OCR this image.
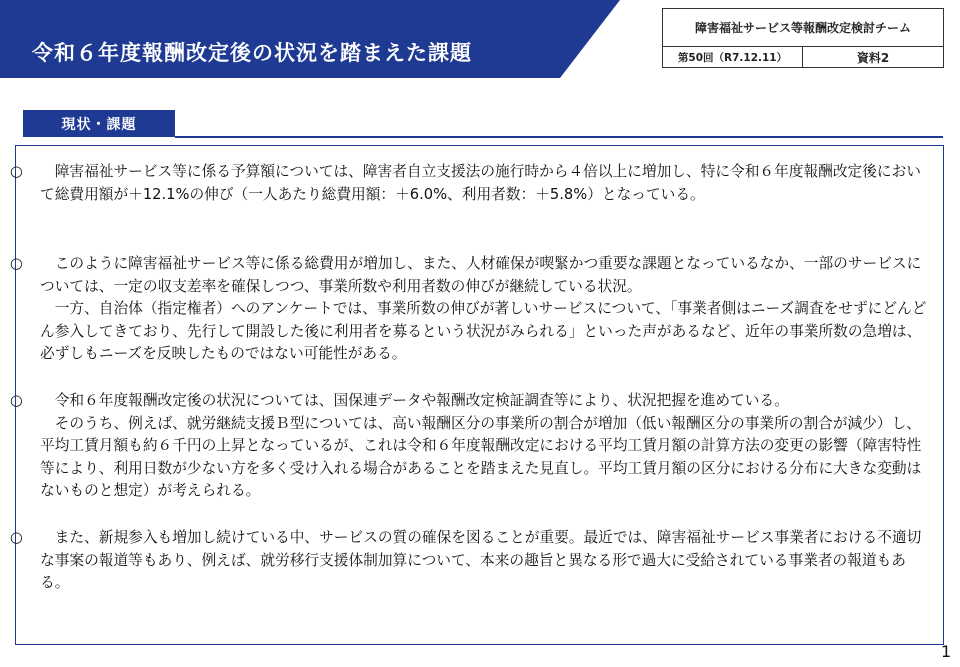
令和６年度報酬改定後の状況を踏まえた課題
障害福祉サービス等報酬改定検討チーム
第50回（R7.12.11）	資料2
現状・課題
○	障害福祉サービス等に係る予算額については、障害者自立支援法の施行時から４倍以上に増加し、特に令和６年度報酬改定後において総費用額が＋12.1%の伸び（一人あたり総費用額：＋6.0%、利用者数：＋5.8%）となっている。

○	このように障害福祉サービス等に係る総費用が増加し、また、人材確保が喫緊かつ重要な課題となっているなか、一部のサービスについては、一定の収支差率を確保しつつ、事業所数や利用者数の伸びが継続している状況。

一方、自治体（指定権者）へのアンケートでは、事業所数の伸びが著しいサービスについて、「事業者側はニーズ調査をせずにどんどん参入してきており、先行して開設した後に利用者を募るという状況がみられる」といった声があるなど、近年の事業所数の急増は、必ずしもニーズを反映したものではない可能性がある。

○	令和６年度報酬改定後の状況については、国保連データや報酬改定検証調査等により、状況把握を進めている。

そのうち、例えば、就労継続支援Ｂ型については、高い報酬区分の事業所の割合が増加（低い報酬区分の事業所の割合が減少）し、平均工賃月額も約６千円の上昇となっているが、これは令和６年度報酬改定における平均工賃月額の計算方法の変更の影響（障害特性等により、利用日数が少ない方を多く受け入れる場合があることを踏まえた見直し。平均工賃月額の区分における分布に大きな変動はないものと想定）が考えられる。

○	また、新規参入も増加し続けている中、サービスの質の確保を図ることが重要。最近では、障害福祉サービス事業者における不適切な事案の報道等もあり、例えば、就労移行支援体制加算について、本来の趣旨と異なる形で過大に受給されている事業者の報道もある。

1
